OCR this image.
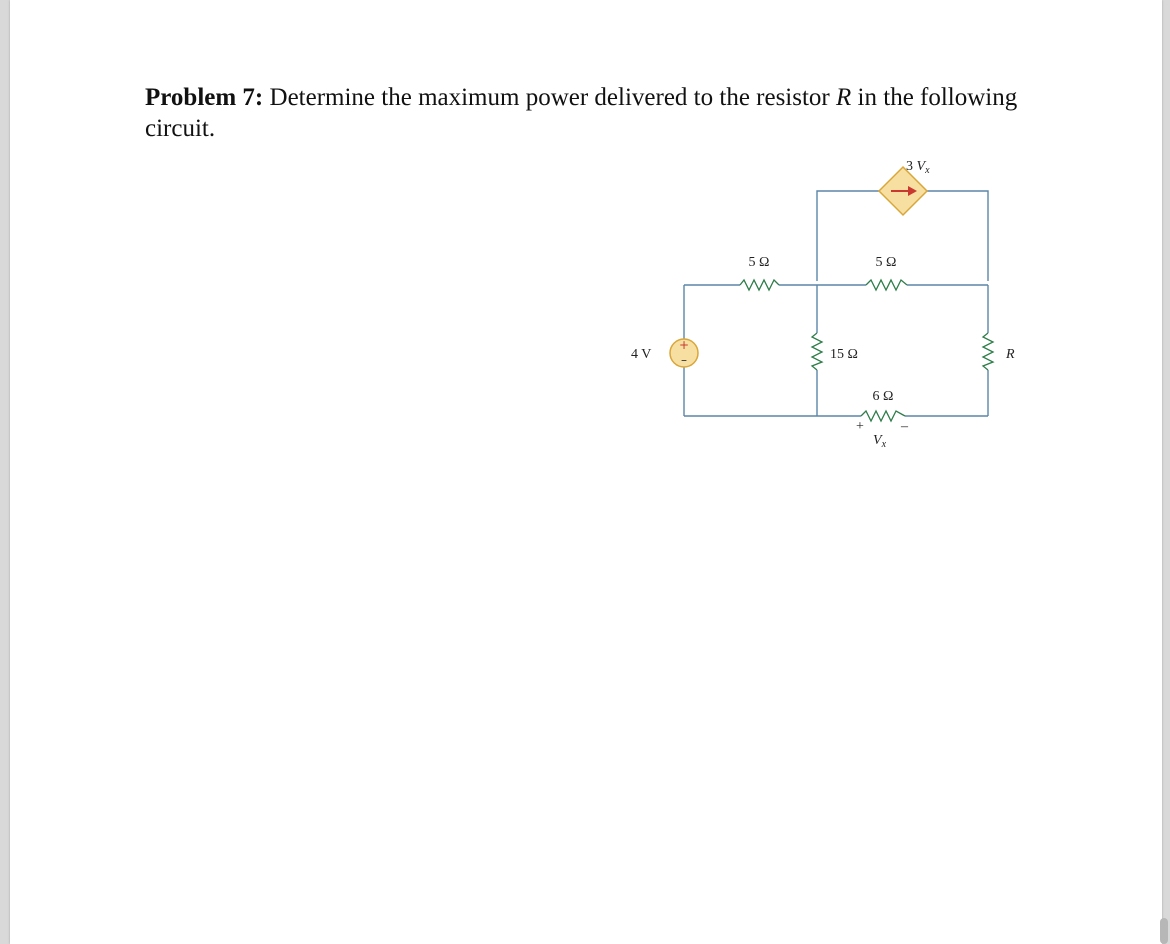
Problem 7: Determine the maximum power delivered to the resistor R in the following circuit.
+
–
3 $V_x$
5 Ω	5 Ω
15 Ω
6 Ω
4 V	R
+	–
$V_x$
